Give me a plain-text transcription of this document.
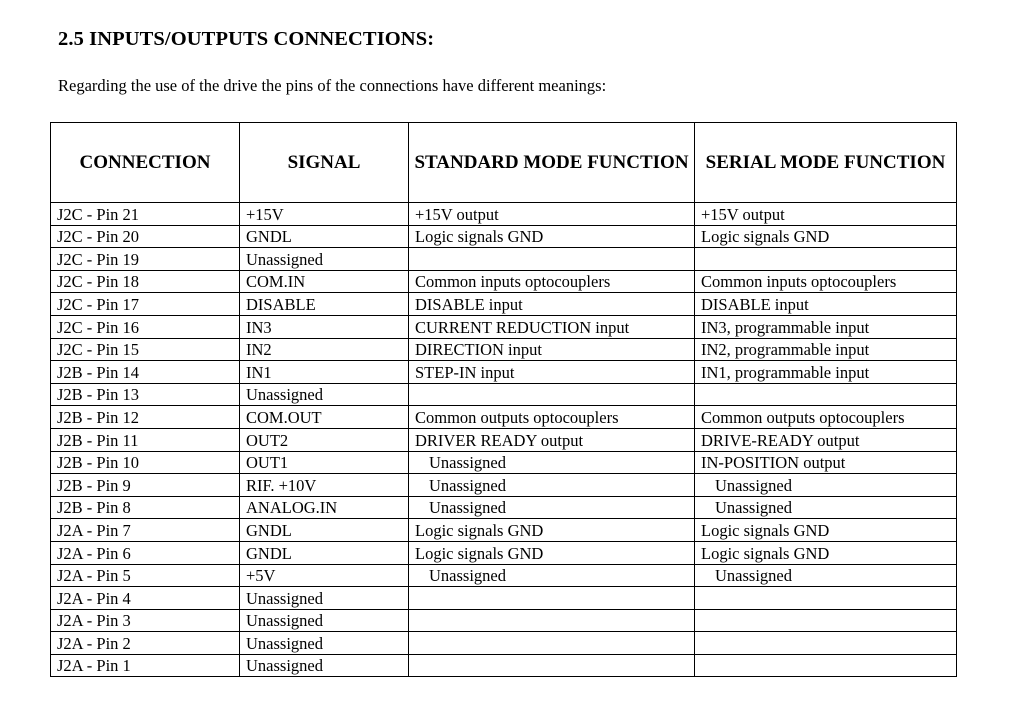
2.5 INPUTS/OUTPUTS CONNECTIONS:

Regarding the use of the drive the pins of the connections have different meanings:

CONNECTION	SIGNAL	STANDARD MODE FUNCTION	SERIAL MODE FUNCTION
J2C - Pin 21	+15V	+15V output	+15V output
J2C - Pin 20	GNDL	Logic signals GND	Logic signals GND
J2C - Pin 19	Unassigned		
J2C - Pin 18	COM.IN	Common inputs optocouplers	Common inputs optocouplers
J2C - Pin 17	DISABLE	DISABLE input	DISABLE input
J2C - Pin 16	IN3	CURRENT REDUCTION input	IN3, programmable input
J2C - Pin 15	IN2	DIRECTION input	IN2, programmable input
J2B - Pin 14	IN1	STEP-IN input	IN1, programmable input
J2B - Pin 13	Unassigned		
J2B - Pin 12	COM.OUT	Common outputs optocouplers	Common outputs optocouplers
J2B - Pin 11	OUT2	DRIVER READY output	DRIVE-READY output
J2B - Pin 10	OUT1	Unassigned	IN-POSITION output
J2B - Pin 9	RIF. +10V	Unassigned	Unassigned
J2B - Pin 8	ANALOG.IN	Unassigned	Unassigned
J2A - Pin 7	GNDL	Logic signals GND	Logic signals GND
J2A - Pin 6	GNDL	Logic signals GND	Logic signals GND
J2A - Pin 5	+5V	Unassigned	Unassigned
J2A - Pin 4	Unassigned		
J2A - Pin 3	Unassigned		
J2A - Pin 2	Unassigned		
J2A - Pin 1	Unassigned		
